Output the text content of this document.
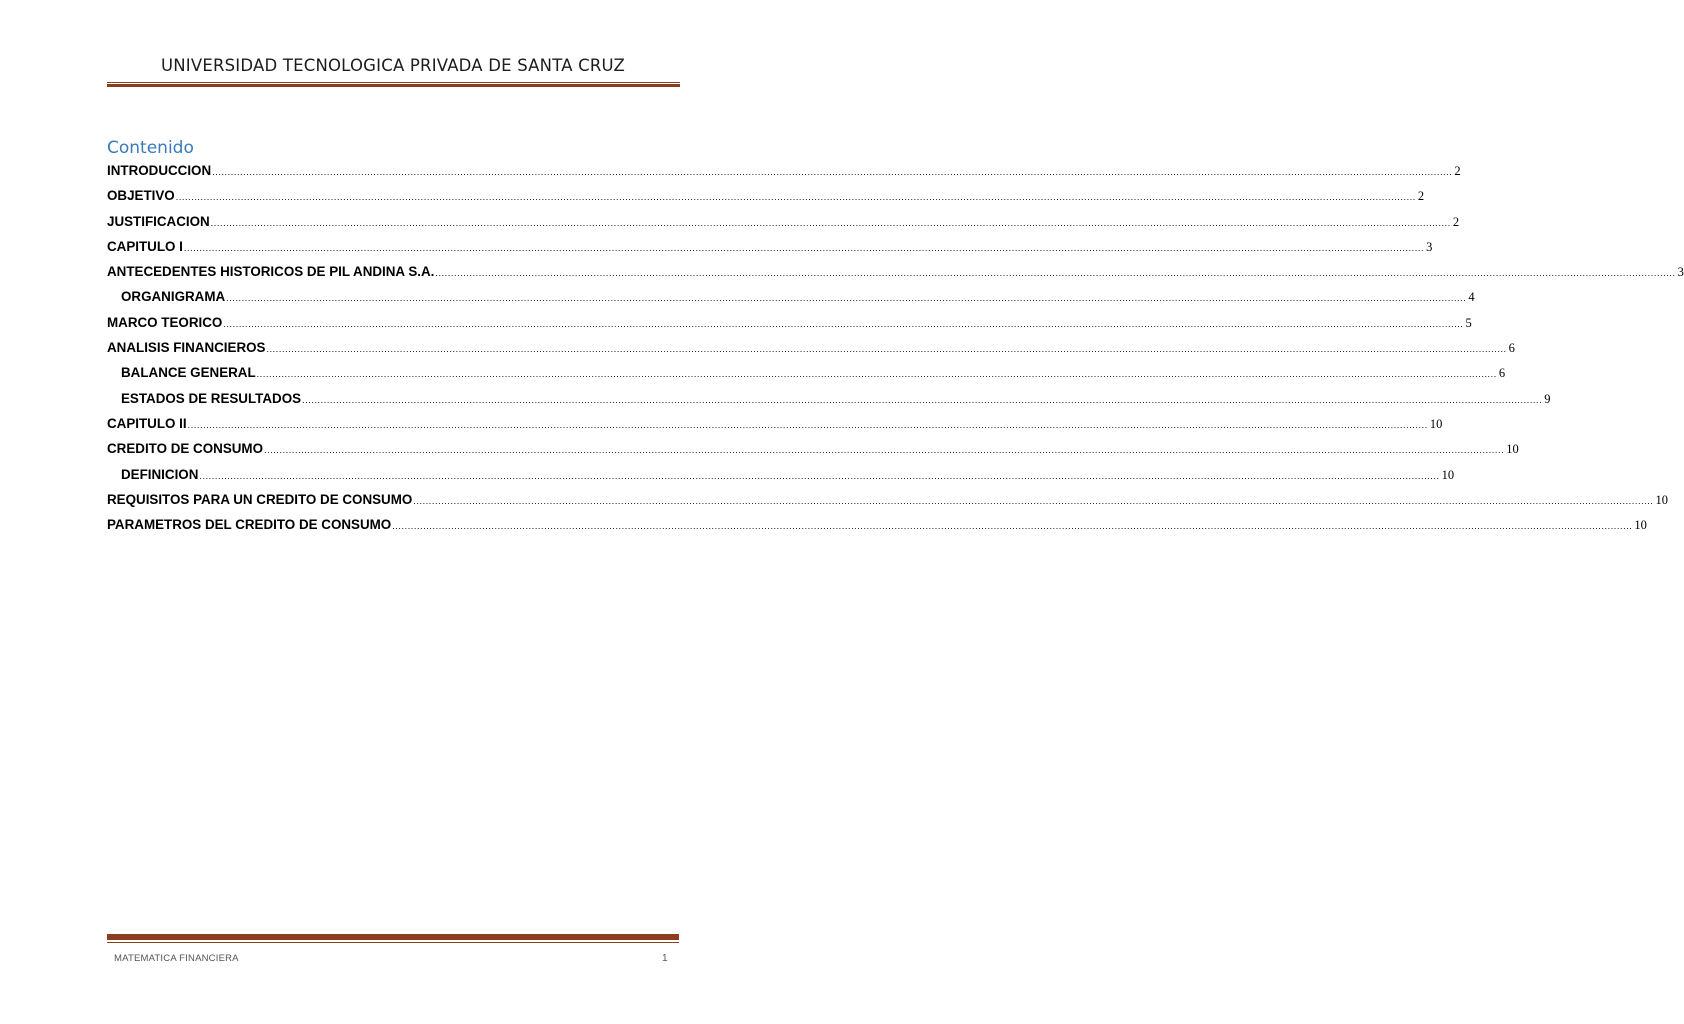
UNIVERSIDAD TECNOLOGICA PRIVADA DE SANTA CRUZ
Contenido
INTRODUCCION ................................................................................................................................................................................................................................................................................................................................................................................................................ 2
OBJETIVO ................................................................................................................................................................................................................................................................................................................................................................................................................ 2
JUSTIFICACION ................................................................................................................................................................................................................................................................................................................................................................................................................ 2
CAPITULO I ................................................................................................................................................................................................................................................................................................................................................................................................................ 3
ANTECEDENTES HISTORICOS DE PIL ANDINA S.A. ................................................................................................................................................................................................................................................................................................................................................................................................................ 3
ORGANIGRAMA ................................................................................................................................................................................................................................................................................................................................................................................................................ 4
MARCO TEORICO ................................................................................................................................................................................................................................................................................................................................................................................................................ 5
ANALISIS FINANCIEROS ................................................................................................................................................................................................................................................................................................................................................................................................................ 6
BALANCE GENERAL ................................................................................................................................................................................................................................................................................................................................................................................................................ 6
ESTADOS DE RESULTADOS ................................................................................................................................................................................................................................................................................................................................................................................................................ 9
CAPITULO II ................................................................................................................................................................................................................................................................................................................................................................................................................ 10
CREDITO DE CONSUMO ................................................................................................................................................................................................................................................................................................................................................................................................................ 10
DEFINICION ................................................................................................................................................................................................................................................................................................................................................................................................................ 10
REQUISITOS PARA UN CREDITO DE CONSUMO ................................................................................................................................................................................................................................................................................................................................................................................................................ 10
PARAMETROS DEL CREDITO DE CONSUMO ................................................................................................................................................................................................................................................................................................................................................................................................................ 10
MATEMATICA FINANCIERA	1
